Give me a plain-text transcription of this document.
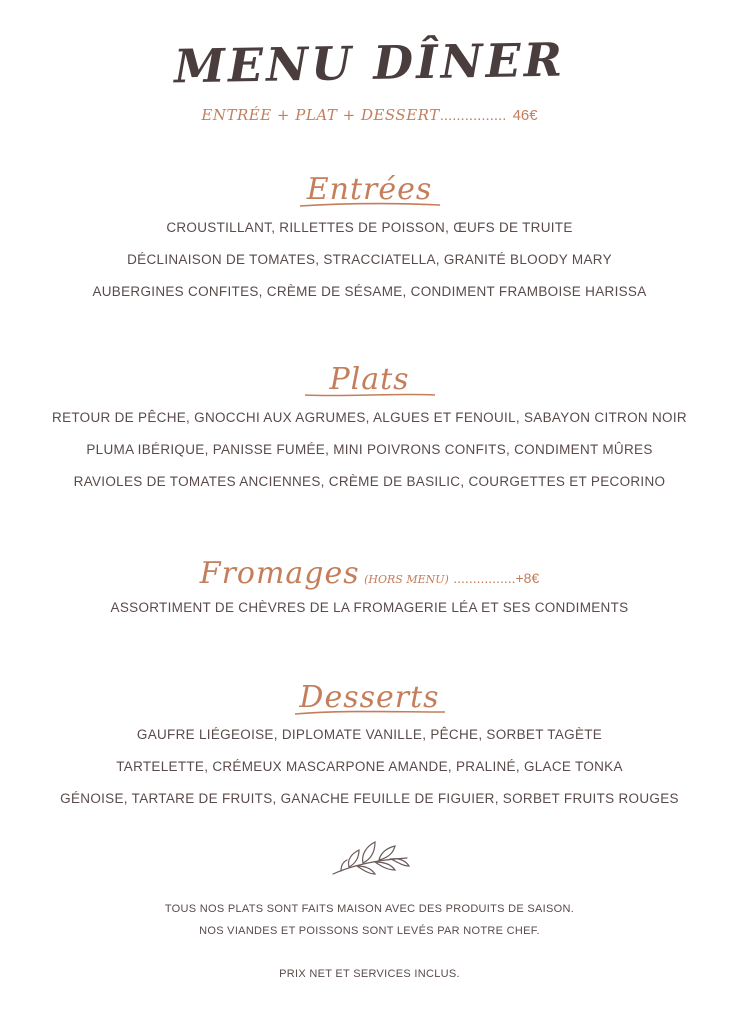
MENU DÎNER
ENTRÉE + PLAT + DESSERT................ 46€
Entrées
CROUSTILLANT, RILLETTES DE POISSON, ŒUFS DE TRUITE
DÉCLINAISON DE TOMATES, STRACCIATELLA, GRANITÉ BLOODY MARY
AUBERGINES CONFITES, CRÈME DE SÉSAME, CONDIMENT FRAMBOISE HARISSA
Plats
RETOUR DE PÊCHE, GNOCCHI AUX AGRUMES, ALGUES ET FENOUIL, SABAYON CITRON NOIR
PLUMA IBÉRIQUE, PANISSE FUMÉE, MINI POIVRONS CONFITS, CONDIMENT MÛRES
RAVIOLES DE TOMATES ANCIENNES, CRÈME DE BASILIC, COURGETTES ET PECORINO
Fromages (HORS MENU) ................+8€
ASSORTIMENT DE CHÈVRES DE LA FROMAGERIE LÉA ET SES CONDIMENTS
Desserts
GAUFRE LIÉGEOISE, DIPLOMATE VANILLE, PÊCHE, SORBET TAGÈTE
TARTELETTE, CRÉMEUX MASCARPONE AMANDE, PRALINÉ, GLACE TONKA
GÉNOISE, TARTARE DE FRUITS, GANACHE FEUILLE DE FIGUIER, SORBET FRUITS ROUGES
TOUS NOS PLATS SONT FAITS MAISON AVEC DES PRODUITS DE SAISON.
NOS VIANDES ET POISSONS SONT LEVÉS PAR NOTRE CHEF.
PRIX NET ET SERVICES INCLUS.
